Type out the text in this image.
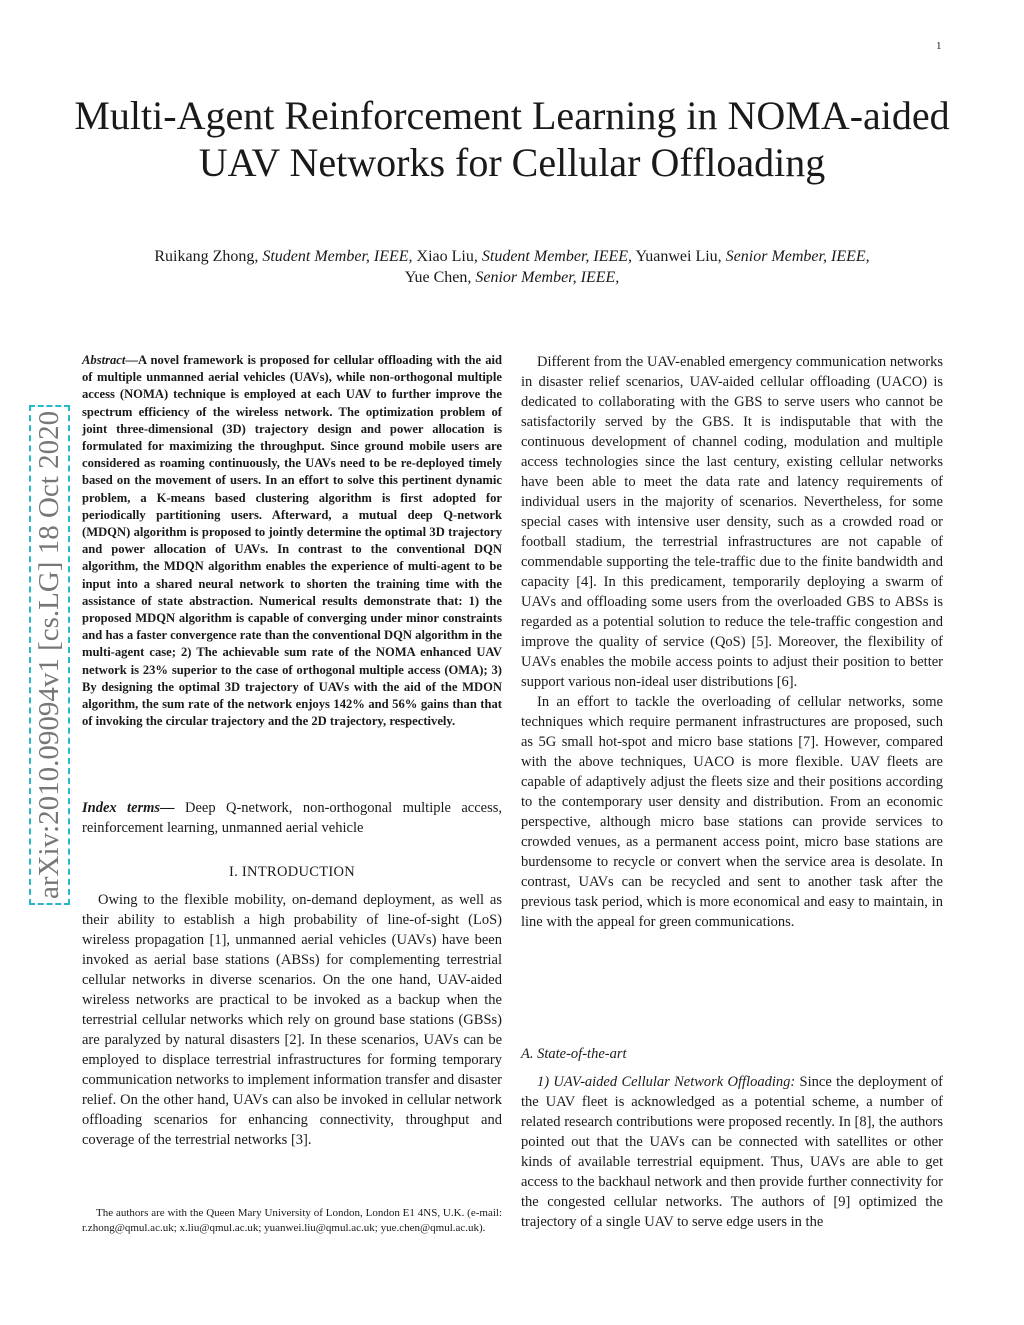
1
Multi-Agent Reinforcement Learning in NOMA-aided UAV Networks for Cellular Offloading
Ruikang Zhong, Student Member, IEEE, Xiao Liu, Student Member, IEEE, Yuanwei Liu, Senior Member, IEEE,
Yue Chen, Senior Member, IEEE,
arXiv:2010.09094v1 [cs.LG] 18 Oct 2020
Abstract—A novel framework is proposed for cellular offloading with the aid of multiple unmanned aerial vehicles (UAVs), while non-orthogonal multiple access (NOMA) technique is employed at each UAV to further improve the spectrum efficiency of the wireless network. The optimization problem of joint three-dimensional (3D) trajectory design and power allocation is formulated for maximizing the throughput. Since ground mobile users are considered as roaming continuously, the UAVs need to be re-deployed timely based on the movement of users. In an effort to solve this pertinent dynamic problem, a K-means based clustering algorithm is first adopted for periodically partitioning users. Afterward, a mutual deep Q-network (MDQN) algorithm is proposed to jointly determine the optimal 3D trajectory and power allocation of UAVs. In contrast to the conventional DQN algorithm, the MDQN algorithm enables the experience of multi-agent to be input into a shared neural network to shorten the training time with the assistance of state abstraction. Numerical results demonstrate that: 1) the proposed MDQN algorithm is capable of converging under minor constraints and has a faster convergence rate than the conventional DQN algorithm in the multi-agent case; 2) The achievable sum rate of the NOMA enhanced UAV network is 23% superior to the case of orthogonal multiple access (OMA); 3) By designing the optimal 3D trajectory of UAVs with the aid of the MDON algorithm, the sum rate of the network enjoys 142% and 56% gains than that of invoking the circular trajectory and the 2D trajectory, respectively.
Index terms— Deep Q-network, non-orthogonal multiple access, reinforcement learning, unmanned aerial vehicle
I. INTRODUCTION

Owing to the flexible mobility, on-demand deployment, as well as their ability to establish a high probability of line-of-sight (LoS) wireless propagation [1], unmanned aerial vehicles (UAVs) have been invoked as aerial base stations (ABSs) for complementing terrestrial cellular networks in diverse scenarios. On the one hand, UAV-aided wireless networks are practical to be invoked as a backup when the terrestrial cellular networks which rely on ground base stations (GBSs) are paralyzed by natural disasters [2]. In these scenarios, UAVs can be employed to displace terrestrial infrastructures for forming temporary communication networks to implement information transfer and disaster relief. On the other hand, UAVs can also be invoked in cellular network offloading scenarios for enhancing connectivity, throughput and coverage of the terrestrial networks [3].

The authors are with the Queen Mary University of London, London E1 4NS, U.K. (e-mail: r.zhong@qmul.ac.uk; x.liu@qmul.ac.uk; yuanwei.liu@qmul.ac.uk; yue.chen@qmul.ac.uk).

Different from the UAV-enabled emergency communication networks in disaster relief scenarios, UAV-aided cellular offloading (UACO) is dedicated to collaborating with the GBS to serve users who cannot be satisfactorily served by the GBS. It is indisputable that with the continuous development of channel coding, modulation and multiple access technologies since the last century, existing cellular networks have been able to meet the data rate and latency requirements of individual users in the majority of scenarios. Nevertheless, for some special cases with intensive user density, such as a crowded road or football stadium, the terrestrial infrastructures are not capable of commendable supporting the tele-traffic due to the finite bandwidth and capacity [4]. In this predicament, temporarily deploying a swarm of UAVs and offloading some users from the overloaded GBS to ABSs is regarded as a potential solution to reduce the tele-traffic congestion and improve the quality of service (QoS) [5]. Moreover, the flexibility of UAVs enables the mobile access points to adjust their position to better support various non-ideal user distributions [6].

In an effort to tackle the overloading of cellular networks, some techniques which require permanent infrastructures are proposed, such as 5G small hot-spot and micro base stations [7]. However, compared with the above techniques, UACO is more flexible. UAV fleets are capable of adaptively adjust the fleets size and their positions according to the contemporary user density and distribution. From an economic perspective, although micro base stations can provide services to crowded venues, as a permanent access point, micro base stations are burdensome to recycle or convert when the service area is desolate. In contrast, UAVs can be recycled and sent to another task after the previous task period, which is more economical and easy to maintain, in line with the appeal for green communications.

A. State-of-the-art

1) UAV-aided Cellular Network Offloading: Since the deployment of the UAV fleet is acknowledged as a potential scheme, a number of related research contributions were proposed recently. In [8], the authors pointed out that the UAVs can be connected with satellites or other kinds of available terrestrial equipment. Thus, UAVs are able to get access to the backhaul network and then provide further connectivity for the congested cellular networks. The authors of [9] optimized the trajectory of a single UAV to serve edge users in the
